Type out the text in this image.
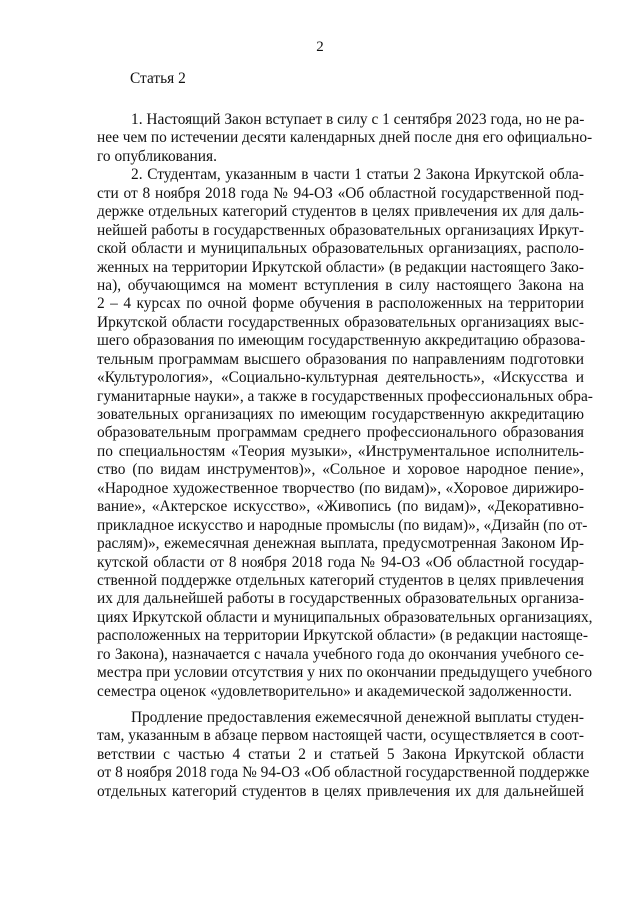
2
Статья 2
1. Настоящий Закон вступает в силу с 1 сентября 2023 года, но не ра-
нее чем по истечении десяти календарных дней после дня его официально-
го опубликования.
2. Студентам, указанным в части 1 статьи 2 Закона Иркутской обла-
сти от 8 ноября 2018 года № 94-ОЗ «Об областной государственной под-
держке отдельных категорий студентов в целях привлечения их для даль-
нейшей работы в государственных образовательных организациях Иркут-
ской области и муниципальных образовательных организациях, располо-
женных на территории Иркутской области» (в редакции настоящего Зако-
на), обучающимся на момент вступления в силу настоящего Закона на
2 – 4 курсах по очной форме обучения в расположенных на территории
Иркутской области государственных образовательных организациях выс-
шего образования по имеющим государственную аккредитацию образова-
тельным программам высшего образования по направлениям подготовки
«Культурология», «Социально-культурная деятельность», «Искусства и
гуманитарные науки», а также в государственных профессиональных обра-
зовательных организациях по имеющим государственную аккредитацию
образовательным программам среднего профессионального образования
по специальностям «Теория музыки», «Инструментальное исполнитель-
ство (по видам инструментов)», «Сольное и хоровое народное пение»,
«Народное художественное творчество (по видам)», «Хоровое дирижиро-
вание», «Актерское искусство», «Живопись (по видам)», «Декоративно-
прикладное искусство и народные промыслы (по видам)», «Дизайн (по от-
раслям)», ежемесячная денежная выплата, предусмотренная Законом Ир-
кутской области от 8 ноября 2018 года № 94-ОЗ «Об областной государ-
ственной поддержке отдельных категорий студентов в целях привлечения
их для дальнейшей работы в государственных образовательных организа-
циях Иркутской области и муниципальных образовательных организациях,
расположенных на территории Иркутской области» (в редакции настояще-
го Закона), назначается с начала учебного года до окончания учебного се-
местра при условии отсутствия у них по окончании предыдущего учебного
семестра оценок «удовлетворительно» и академической задолженности.
Продление предоставления ежемесячной денежной выплаты студен-
там, указанным в абзаце первом настоящей части, осуществляется в соот-
ветствии с частью 4 статьи 2 и статьей 5 Закона Иркутской области
от 8 ноября 2018 года № 94-ОЗ «Об областной государственной поддержке
отдельных категорий студентов в целях привлечения их для дальнейшей
